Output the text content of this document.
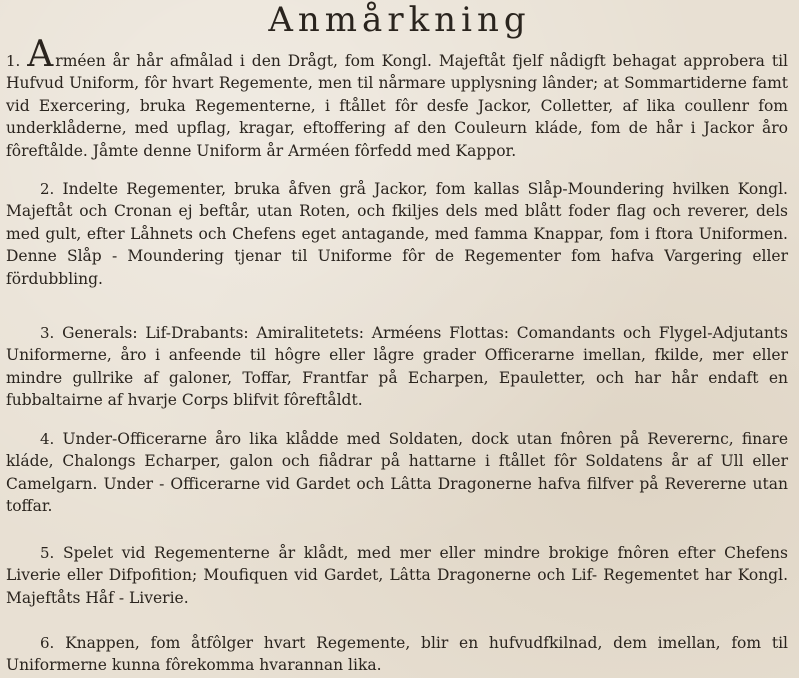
Anmårkning

1. A rméen år hår afmålad i den Drågt, fom Kongl. Majeftåt fjelf nådigft behagat approbera til Hufvud Uniform, fôr hvart Regemente, men til nårmare upplysning lânder; at Sommartiderne famt vid Exercering, bruka Regementerne, i ftållet fôr desfe Jackor, Colletter, af lika coullenr fom underklåderne, med upflag, kragar, eftoffering af den Couleurn kláde, fom de hår i Jackor åro fôreftålde. Jåmte denne Uniform år Arméen fôrfedd med Kappor.

2. Indelte Regementer, bruka åfven grå Jackor, fom kallas Slåp-Moundering hvilken Kongl. Majeftåt och Cronan ej beftår, utan Roten, och fkiljes dels med blått foder flag och reverer, dels med gult, efter Låhnets och Chefens eget antagande, med famma Knappar, fom i ftora Uniformen. Denne Slåp - Moundering tjenar til Uniforme fôr de Regementer fom hafva Vargering eller fördubbling.

3. Generals: Lif-Drabants: Amiralitetets: Arméens Flottas: Comandants och Flygel-Adjutants Uniformerne, åro i anfeende til hôgre eller lågre grader Officerarne imellan, fkilde, mer eller mindre gullrike af galoner, Toffar, Frantfar på Echarpen, Epauletter, och har hår endaft en fubbaltairne af hvarje Corps blifvit fôreftåldt.

4. Under-Officerarne åro lika klådde med Soldaten, dock utan fnôren på Reverernc, finare kláde, Chalongs Echarper, galon och fiådrar på hattarne i ftållet fôr Soldatens år af Ull eller Camelgarn. Under - Officerarne vid Gardet och Lâtta Dragonerne hafva filfver på Revererne utan toffar.

5. Spelet vid Regementerne år klådt, med mer eller mindre brokige fnôren efter Chefens Liverie eller Difpofition; Moufiquen vid Gardet, Lâtta Dragonerne och Lif- Regementet har Kongl. Majeftåts Håf - Liverie.

6. Knappen, fom åtfôlger hvart Regemente, blir en hufvudfkilnad, dem imellan, fom til Uniformerne kunna fôrekomma hvarannan lika.
